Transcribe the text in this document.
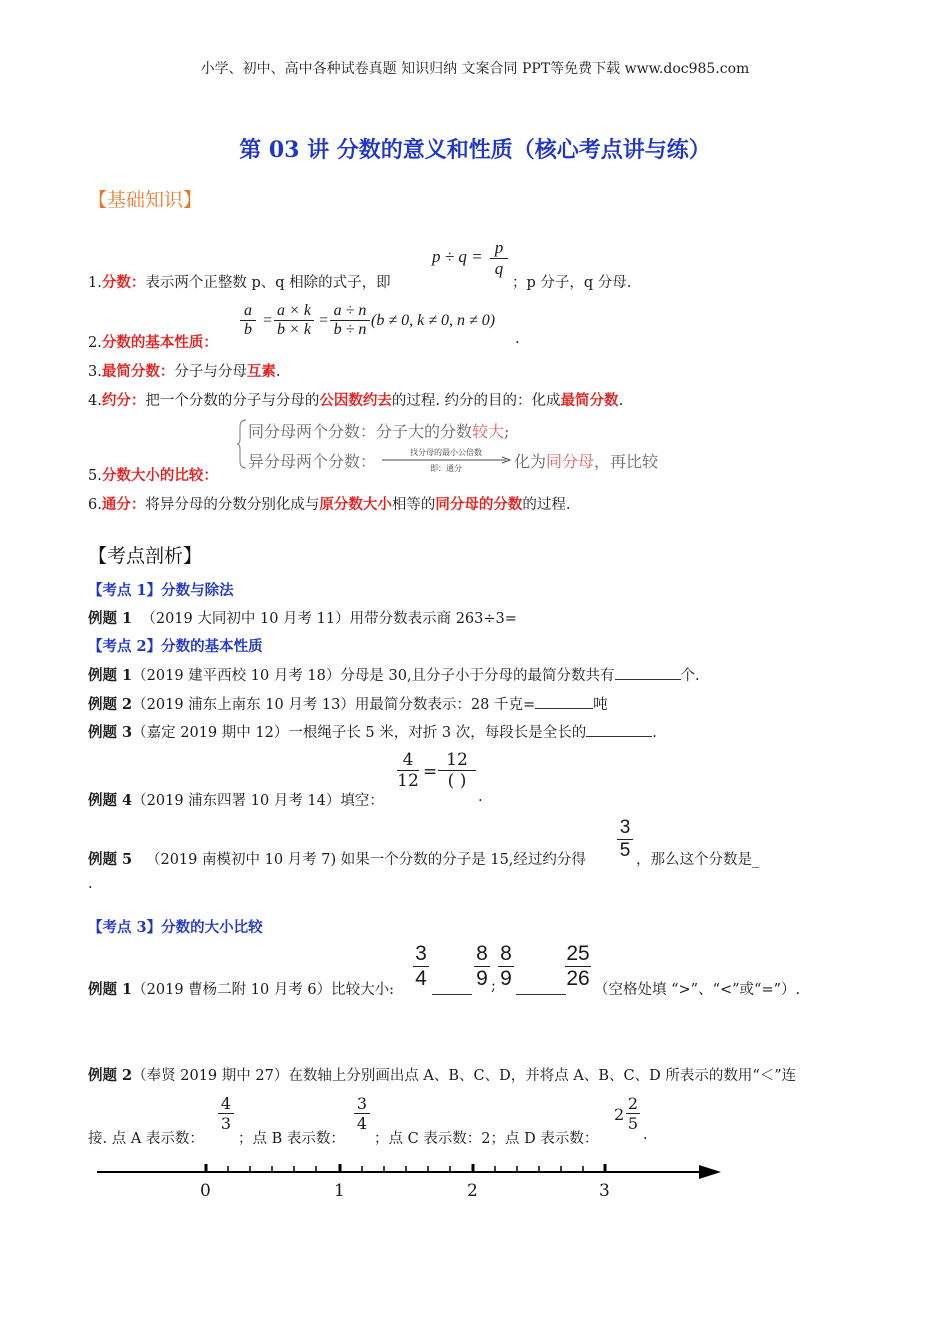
小学、初中、高中各种试卷真题 知识归纳 文案合同 PPT等免费下载 www.doc985.com
第 03 讲 分数的意义和性质（核心考点讲与练）
【基础知识】
$p \div q = \frac{p}{q}$
1.分数：表示两个正整数 p、q 相除的式子，即	；p 分子，q 分母.
$\frac{a}{b} = \frac{a \times k}{b \times k} = \frac{a \div n}{b \div n} (b \ne 0$, k ≠ 0, n ≠ 0)
2.分数的基本性质：	.
3.最简分数：分子与分母互素.
4.约分：把一个分数的分子与分母的公因数约去的过程. 约分的目的：化成最简分数.
同分母两个分数：分子大的分数较大;
异分母两个分数：	找分母的最小公倍数
即：通分	化为同分母，再比较
5.分数大小的比较：
6.通分：将异分母的分数分别化成与原分数大小相等的同分母的分数的过程.
【考点剖析】
【考点 1】分数与除法
例题 1 （2019 大同初中 10 月考 11）用带分数表示商 263÷3=
【考点 2】分数的基本性质
例题 1（2019 建平西校 10 月考 18）分母是 30,且分子小于分母的最简分数共有	个.
例题 2（2019 浦东上南东 10 月考 13）用最简分数表示：28 千克=	吨
例题 3（嘉定 2019 期中 12）一根绳子长 5 米，对折 3 次，每段长是全长的	.
例题 4（2019 浦东四署 10 月考 14）填空：
$\frac{4}{12}$ =
12
( )
.
例题 5 （2019 南模初中 10 月考 7) 如果一个分数的分子是 15,经过约分得 $\frac{3}{5}$ ，那么这个分数是_
.
【考点 3】分数的大小比较
例题 1（2019 曹杨二附 10 月考 6）比较大小: $\frac{3}{4} \frac{8}{9}$ ; $\frac{8}{9} \frac{25}{26}$ （空格处填 “>”、“<”或“=”）.
例题 2（奉贤 2019 期中 27）在数轴上分别画出点 A、B、C、D，并将点 A、B、C、D 所表示的数用“＜”连
接. 点 A 表示数：
$\frac{4}{3}$
；点 B 表示数：
$\frac{3}{4}$
；点 C 表示数：2；点 D 表示数：
$2 \frac{2}{5}$
.
0	1	2	3
